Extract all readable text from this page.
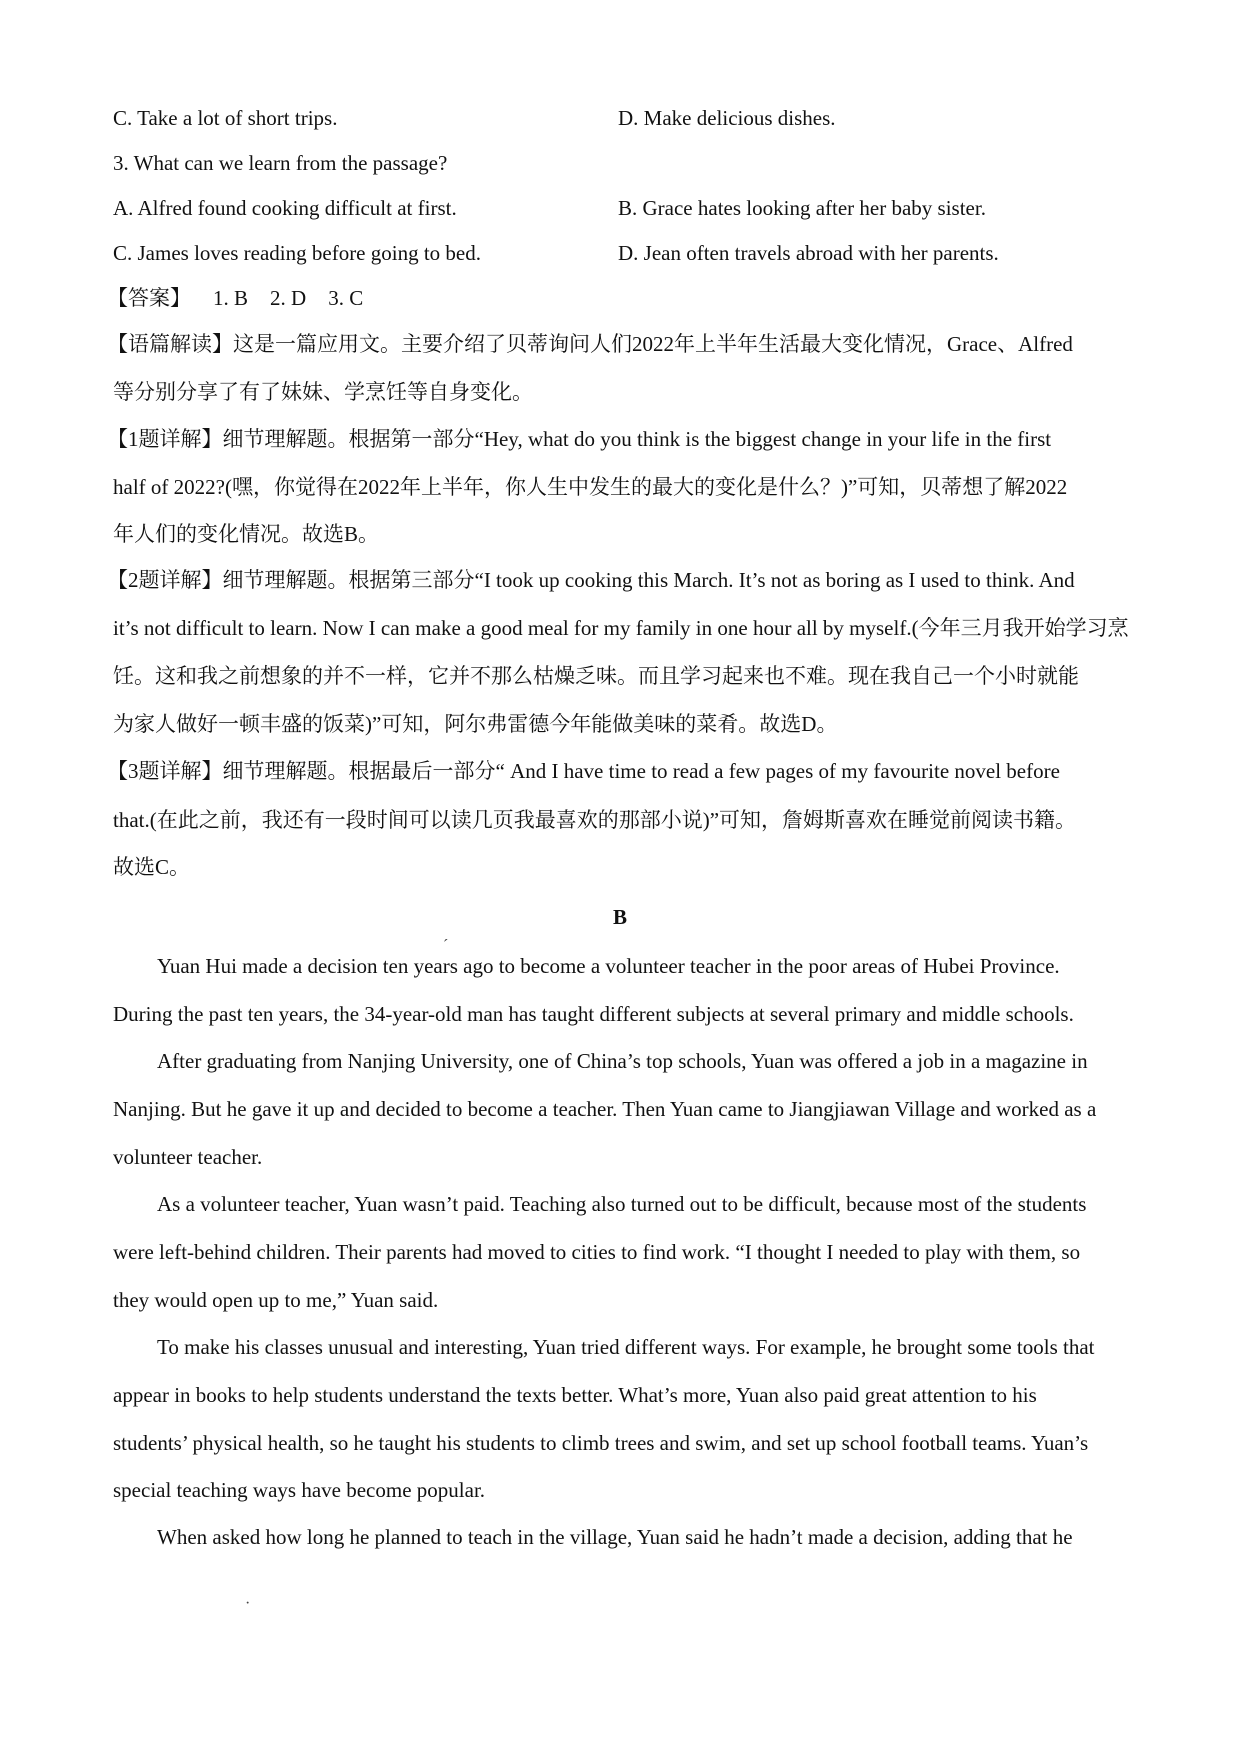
C. Take a lot of short trips.	D. Make delicious dishes.
3. What can we learn from the passage?
A. Alfred found cooking difficult at first.	B. Grace hates looking after her baby sister.
C. James loves reading before going to bed.	D. Jean often travels abroad with her parents.
【答案】 1. B 2. D 3. C
【语篇解读】这是一篇应用文。主要介绍了贝蒂询问人们2022年上半年生活最大变化情况，Grace、Alfred
等分别分享了有了妹妹、学烹饪等自身变化。
【1题详解】细节理解题。根据第一部分“Hey, what do you think is the biggest change in your life in the first
half of 2022?(嘿，你觉得在2022年上半年，你人生中发生的最大的变化是什么？)”可知，贝蒂想了解2022
年人们的变化情况。故选B。
【2题详解】细节理解题。根据第三部分“I took up cooking this March. It’s not as boring as I used to think. And
it’s not difficult to learn. Now I can make a good meal for my family in one hour all by myself.(今年三月我开始学习烹
饪。这和我之前想象的并不一样，它并不那么枯燥乏味。而且学习起来也不难。现在我自己一个小时就能
为家人做好一顿丰盛的饭菜)”可知，阿尔弗雷德今年能做美味的菜肴。故选D。
【3题详解】细节理解题。根据最后一部分“ And I have time to read a few pages of my favourite novel before
that.(在此之前，我还有一段时间可以读几页我最喜欢的那部小说)”可知，詹姆斯喜欢在睡觉前阅读书籍。
故选C。
B
Yuan Hui made a decision ten years ago to become a volunteer teacher in the poor areas of Hubei Province.
During the past ten years, the 34-year-old man has taught different subjects at several primary and middle schools.
After graduating from Nanjing University, one of China’s top schools, Yuan was offered a job in a magazine in
Nanjing. But he gave it up and decided to become a teacher. Then Yuan came to Jiangjiawan Village and worked as a
volunteer teacher.
As a volunteer teacher, Yuan wasn’t paid. Teaching also turned out to be difficult, because most of the students
were left-behind children. Their parents had moved to cities to find work. “I thought I needed to play with them, so
they would open up to me,” Yuan said.
To make his classes unusual and interesting, Yuan tried different ways. For example, he brought some tools that
appear in books to help students understand the texts better. What’s more, Yuan also paid great attention to his
students’ physical health, so he taught his students to climb trees and swim, and set up school football teams. Yuan’s
special teaching ways have become popular.
When asked how long he planned to teach in the village, Yuan said he hadn’t made a decision, adding that he
ˊ
·
